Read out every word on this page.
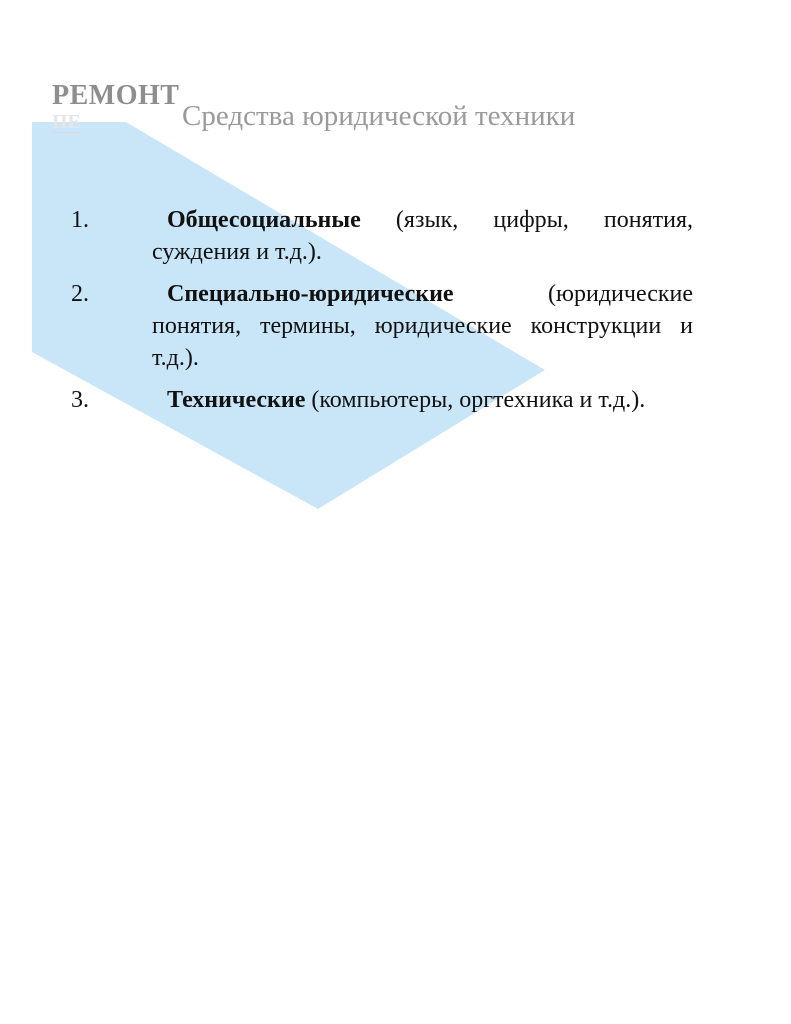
РЕМОНТ
ПЕ	Средства юридической техники
1.	Общесоциальные (язык, цифры, понятия, суждения и т.д.).
2.	Специально-юридические (юридические понятия, термины, юридические конструкции и т.д.).
3.	Технические (компьютеры, оргтехника и т.д.).
